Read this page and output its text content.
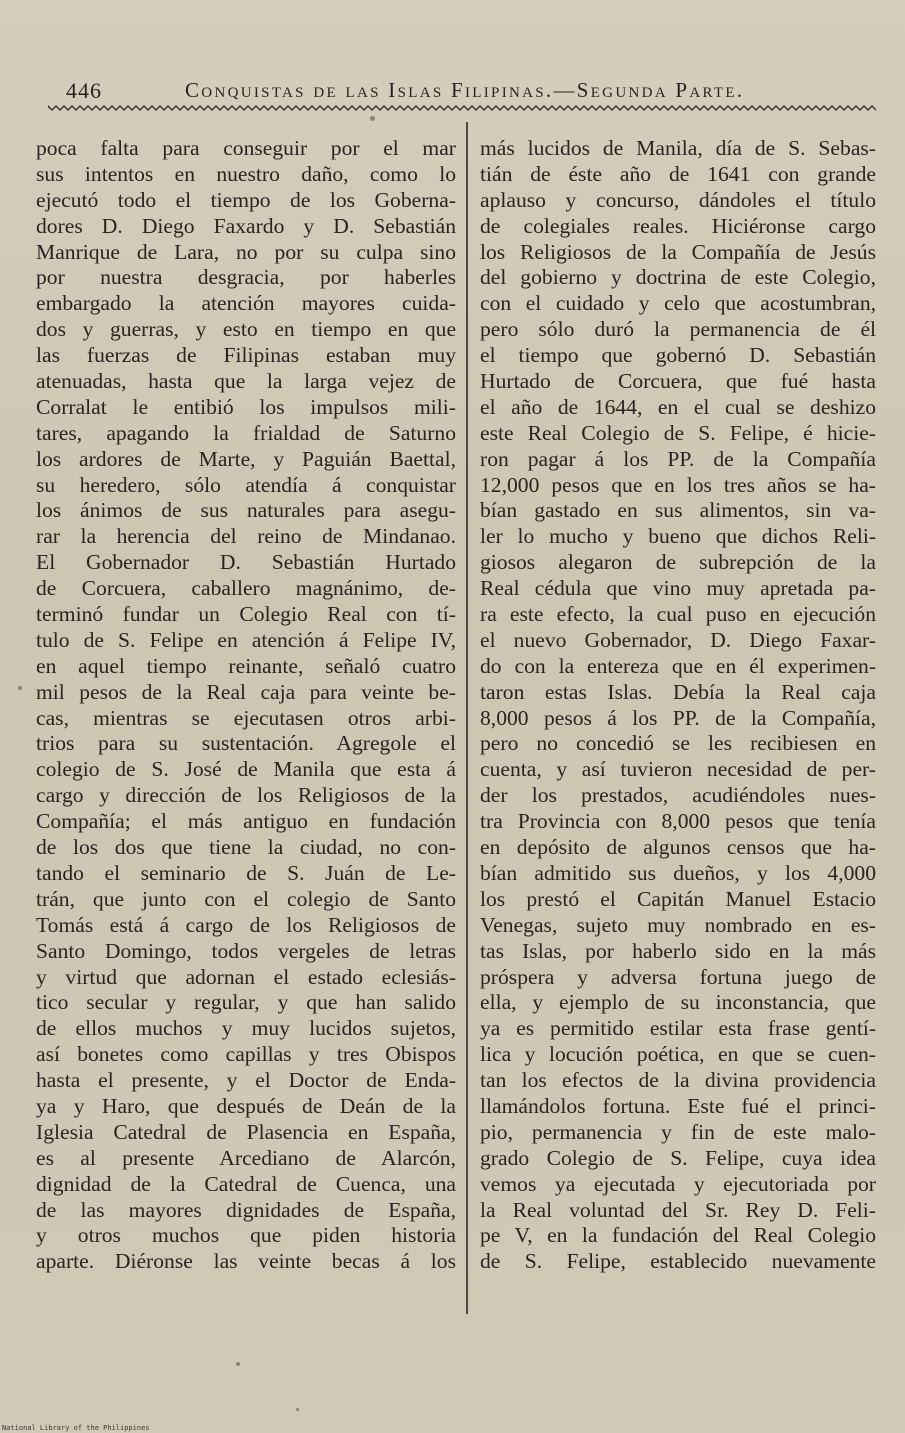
446	Conquistas de las Islas Filipinas.—Segunda Parte.
poca falta para conseguir por el mar
sus intentos en nuestro daño, como lo
ejecutó todo el tiempo de los Goberna-
dores D. Diego Faxardo y D. Sebastián
Manrique de Lara, no por su culpa sino
por nuestra desgracia, por haberles
embargado la atención mayores cuida-
dos y guerras, y esto en tiempo en que
las fuerzas de Filipinas estaban muy
atenuadas, hasta que la larga vejez de
Corralat le entibió los impulsos mili-
tares, apagando la frialdad de Saturno
los ardores de Marte, y Paguián Baettal,
su heredero, sólo atendía á conquistar
los ánimos de sus naturales para asegu-
rar la herencia del reino de Mindanao.
El Gobernador D. Sebastián Hurtado
de Corcuera, caballero magnánimo, de-
terminó fundar un Colegio Real con tí-
tulo de S. Felipe en atención á Felipe IV,
en aquel tiempo reinante, señaló cuatro
mil pesos de la Real caja para veinte be-
cas, mientras se ejecutasen otros arbi-
trios para su sustentación. Agregole el
colegio de S. José de Manila que esta á
cargo y dirección de los Religiosos de la
Compañía; el más antiguo en fundación
de los dos que tiene la ciudad, no con-
tando el seminario de S. Juán de Le-
trán, que junto con el colegio de Santo
Tomás está á cargo de los Religiosos de
Santo Domingo, todos vergeles de letras
y virtud que adornan el estado eclesiás-
tico secular y regular, y que han salido
de ellos muchos y muy lucidos sujetos,
así bonetes como capillas y tres Obispos
hasta el presente, y el Doctor de Enda-
ya y Haro, que después de Deán de la
Iglesia Catedral de Plasencia en España,
es al presente Arcediano de Alarcón,
dignidad de la Catedral de Cuenca, una
de las mayores dignidades de España,
y otros muchos que piden historia
aparte. Diéronse las veinte becas á los
más lucidos de Manila, día de S. Sebas-
tián de éste año de 1641 con grande
aplauso y concurso, dándoles el título
de colegiales reales. Hiciéronse cargo
los Religiosos de la Compañía de Jesús
del gobierno y doctrina de este Colegio,
con el cuidado y celo que acostumbran,
pero sólo duró la permanencia de él
el tiempo que gobernó D. Sebastián
Hurtado de Corcuera, que fué hasta
el año de 1644, en el cual se deshizo
este Real Colegio de S. Felipe, é hicie-
ron pagar á los PP. de la Compañía
12,000 pesos que en los tres años se ha-
bían gastado en sus alimentos, sin va-
ler lo mucho y bueno que dichos Reli-
giosos alegaron de subrepción de la
Real cédula que vino muy apretada pa-
ra este efecto, la cual puso en ejecución
el nuevo Gobernador, D. Diego Faxar-
do con la entereza que en él experimen-
taron estas Islas. Debía la Real caja
8,000 pesos á los PP. de la Compañía,
pero no concedió se les recibiesen en
cuenta, y así tuvieron necesidad de per-
der los prestados, acudiéndoles nues-
tra Provincia con 8,000 pesos que tenía
en depósito de algunos censos que ha-
bían admitido sus dueños, y los 4,000
los prestó el Capitán Manuel Estacio
Venegas, sujeto muy nombrado en es-
tas Islas, por haberlo sido en la más
próspera y adversa fortuna juego de
ella, y ejemplo de su inconstancia, que
ya es permitido estilar esta frase gentí-
lica y locución poética, en que se cuen-
tan los efectos de la divina providencia
llamándolos fortuna. Este fué el princi-
pio, permanencia y fin de este malo-
grado Colegio de S. Felipe, cuya idea
vemos ya ejecutada y ejecutoriada por
la Real voluntad del Sr. Rey D. Feli-
pe V, en la fundación del Real Colegio
de S. Felipe, establecido nuevamente
National Library of the Philippines
